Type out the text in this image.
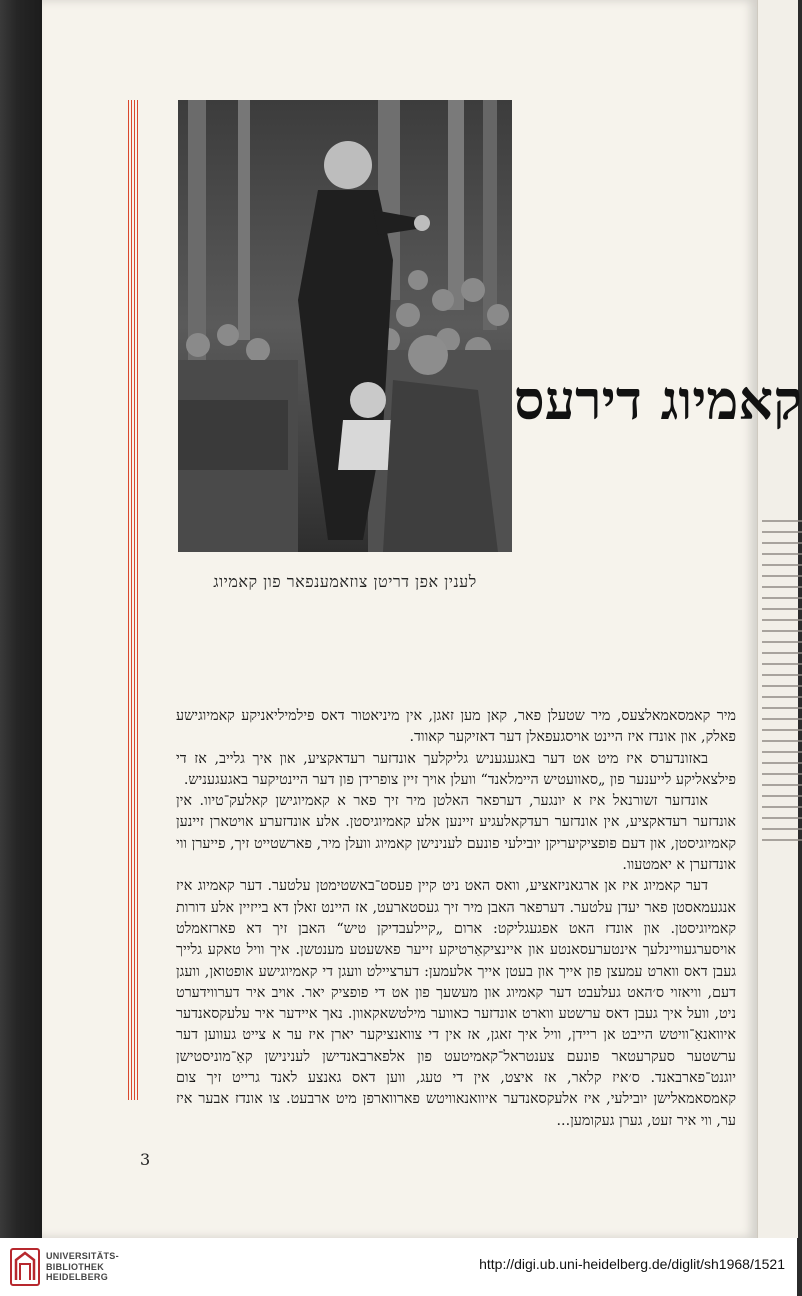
קאמיוג דירעס
לענין אפן דריטן צוזאמענפאר פון קאמיוג

מיר קאמסאמאלצעס, מיר שטעלן פאר, קאן מען זאגן, אין מיניאטור דאס פילמיליאניקע קאמיוגישע פאלק, און אונדז איז היינט אויסגעפאלן דער דאזיקער קאווד.

באזונדערס איז מיט אט דער באגעגעניש גליקלעך אונדזער רעדאקציע, און איך גלייב, אז די פילצאליקע לייענער פון „סאוועטיש היימלאנד“ וועלן אויך זיין צופרידן פון דער היינטיקער באגעגעניש.

אונדזער זשורנאל איז א יונגער, דערפאר האלטן מיר זיך פאר א קאמיוגישן קאלעק־טיוו. אין אונדזער רעדאקציע, אין אונדזער רעדקאלעגיע זיינען אלע קאמיוגיסטן. אלע אונדזערע אויטארן זיינען קאמיוגיסטן, און דעם פופציקיעריקן יובילעי פונעם לענינישן קאמיוג וועלן מיר, פארשטייט זיך, פייערן ווי אונדזערן א יאמטעוו.

דער קאמיוג איז אן ארגאניזאציע, וואס האט ניט קיין פעסט־באשטימטן עלטער. דער קאמיוג איז אנגעמאסטן פאר יעדן עלטער. דערפאר האבן מיר זיך געסטארעט, אז היינט זאלן דא בייזיין אלע דורות קאמיוגיסטן. און אונדז האט אפגעגליקט: ארום „קיילעבדיקן טיש“ האבן זיך דא פארזאמלט אויסערגעוויינלעך אינטערעסאנטע און איינציקאַרטיקע זייער פאשעטע מענטשן. איך וויל טאקע גלייך געבן דאס ווארט עמעצן פון אייך און בעטן אייך אלעמען: דערציילט וועגן די קאמיוגישע אופטואן, וועגן דעם, וויאזוי ס׳האט געלעבט דער קאמיוג און מעשעך פון אט די פופציק יאר. אויב איר דערווידערט ניט, וועל איך געבן דאס ערשטע ווארט אונדזער כאווער מילטשאקאוון. נאך איידער איר עלעקסאנדער איוואנאַ־וויטש הייבט אן ריידן, וויל איך זאגן, אז אין די צוואנציקער יארן איז ער א צייט געווען דער ערשטער סעקרעטאר פונעם צענטראל־קאמיטעט פון אלפארבאנדישן לענינישן קאַ־מוניסטישן יוגנט־פארבאנד. ס׳איז קלאר, אז איצט, אין די טעג, ווען דאס גאנצע לאנד גרייט זיך צום קאמסאמאלישן יובילעי, איז אלעקסאנדער איוואנאוויטש פארווארפן מיט ארבעט. צו אונדז אבער איז ער, ווי איר זעט, גערן געקומען...

3
UNIVERSITÄTS-
BIBLIOTHEK
HEIDELBERG
http://digi.ub.uni-heidelberg.de/diglit/sh1968/1521
